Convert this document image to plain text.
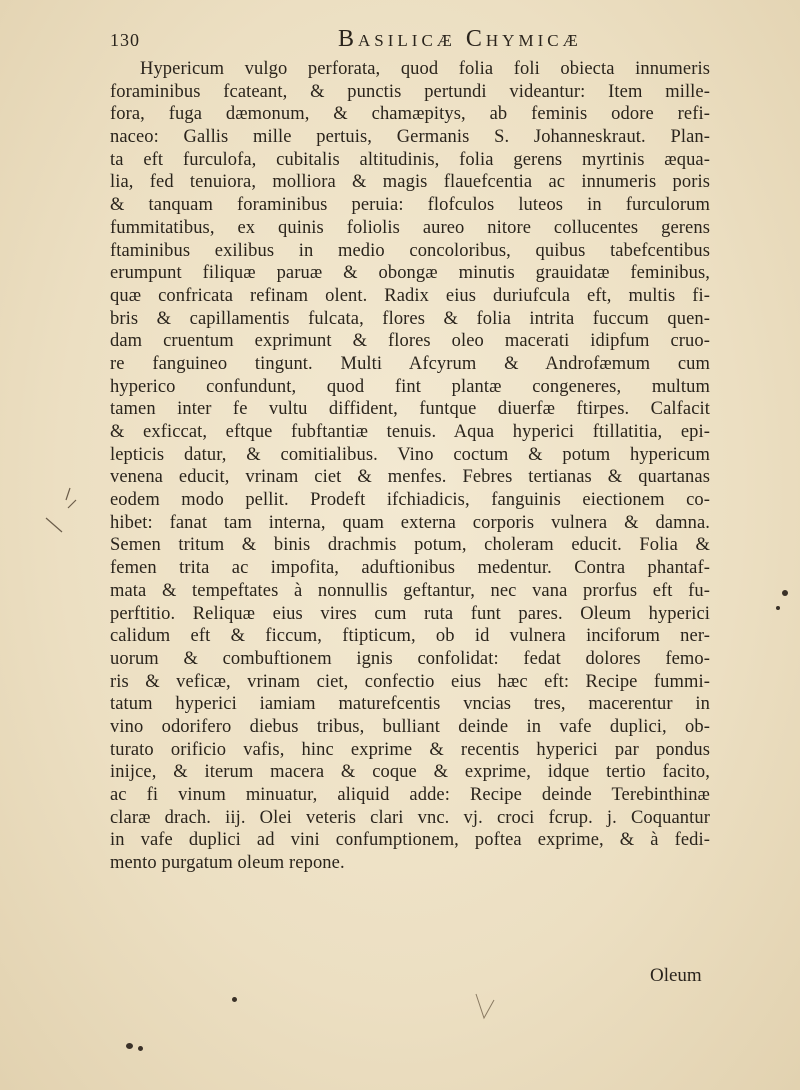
130	Basilicæ Chymicæ
Hypericum vulgo perforata, quod folia foli obiecta innumeris
foraminibus fcateant, & punctis pertundi videantur: Item mille-
fora, fuga dæmonum, & chamæpitys, ab feminis odore refi-
naceo: Gallis mille pertuis, Germanis S. Johanneskraut. Plan-
ta eft furculofa, cubitalis altitudinis, folia gerens myrtinis æqua-
lia, fed tenuiora, molliora & magis flauefcentia ac innumeris poris
& tanquam foraminibus peruia: flofculos luteos in furculorum
fummitatibus, ex quinis foliolis aureo nitore collucentes gerens
ftaminibus exilibus in medio concoloribus, quibus tabefcentibus
erumpunt filiquæ paruæ & obongæ minutis grauidatæ feminibus,
quæ confricata refinam olent. Radix eius duriufcula eft, multis fi-
bris & capillamentis fulcata, flores & folia intrita fuccum quen-
dam cruentum exprimunt & flores oleo macerati idipfum cruo-
re fanguineo tingunt. Multi Afcyrum & Androfæmum cum
hyperico confundunt, quod fint plantæ congeneres, multum
tamen inter fe vultu diffident, funtque diuerfæ ftirpes. Calfacit
& exficcat, eftque fubftantiæ tenuis. Aqua hyperici ftillatitia, epi-
lepticis datur, & comitialibus. Vino coctum & potum hypericum
venena educit, vrinam ciet & menfes. Febres tertianas & quartanas
eodem modo pellit. Prodeft ifchiadicis, fanguinis eiectionem co-
hibet: fanat tam interna, quam externa corporis vulnera & damna.
Semen tritum & binis drachmis potum, choleram educit. Folia &
femen trita ac impofita, aduftionibus medentur. Contra phantaf-
mata & tempeftates à nonnullis geftantur, nec vana prorfus eft fu-
perftitio. Reliquæ eius vires cum ruta funt pares. Oleum hyperici
calidum eft & ficcum, ftipticum, ob id vulnera inciforum ner-
uorum & combuftionem ignis confolidat: fedat dolores femo-
ris & veficæ, vrinam ciet, confectio eius hæc eft: Recipe fummi-
tatum hyperici iamiam maturefcentis vncias tres, macerentur in
vino odorifero diebus tribus, bulliant deinde in vafe duplici, ob-
turato orificio vafis, hinc exprime & recentis hyperici par pondus
inijce, & iterum macera & coque & exprime, idque tertio facito,
ac fi vinum minuatur, aliquid adde: Recipe deinde Terebinthinæ
claræ drach. iij. Olei veteris clari vnc. vj. croci fcrup. j. Coquantur
in vafe duplici ad vini confumptionem, poftea exprime, & à fedi-
mento purgatum oleum repone.
Oleum
